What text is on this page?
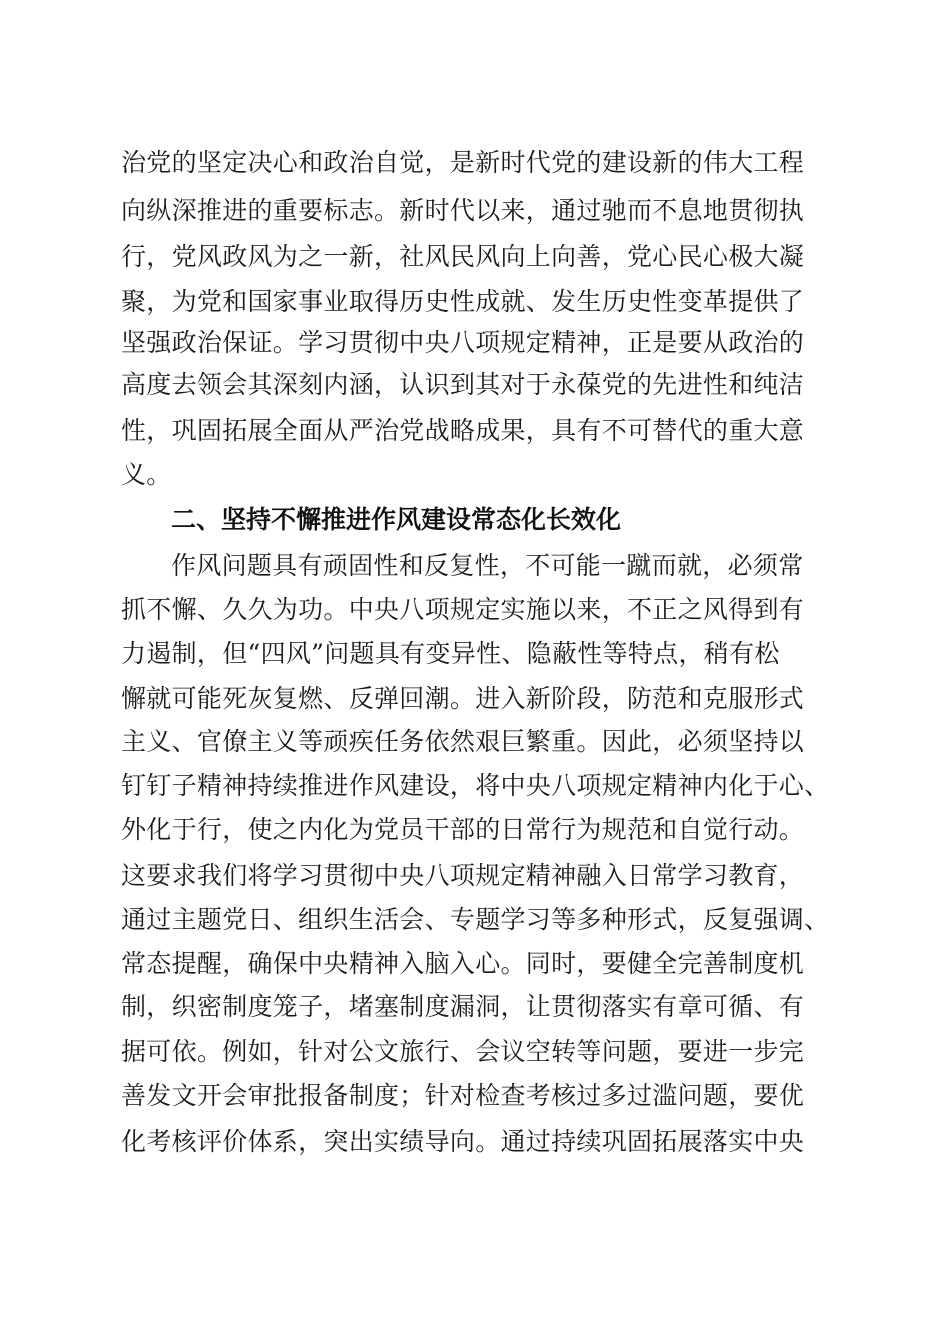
治党的坚定决心和政治自觉，是新时代党的建设新的伟大工程
向纵深推进的重要标志。新时代以来，通过驰而不息地贯彻执
行，党风政风为之一新，社风民风向上向善，党心民心极大凝
聚，为党和国家事业取得历史性成就、发生历史性变革提供了
坚强政治保证。学习贯彻中央八项规定精神，正是要从政治的
高度去领会其深刻内涵，认识到其对于永葆党的先进性和纯洁
性，巩固拓展全面从严治党战略成果，具有不可替代的重大意
义。
二、坚持不懈推进作风建设常态化长效化
作风问题具有顽固性和反复性，不可能一蹴而就，必须常
抓不懈、久久为功。中央八项规定实施以来，不正之风得到有
力遏制，但“四风”问题具有变异性、隐蔽性等特点，稍有松
懈就可能死灰复燃、反弹回潮。进入新阶段，防范和克服形式
主义、官僚主义等顽疾任务依然艰巨繁重。因此，必须坚持以
钉钉子精神持续推进作风建设，将中央八项规定精神内化于心、
外化于行，使之内化为党员干部的日常行为规范和自觉行动。
这要求我们将学习贯彻中央八项规定精神融入日常学习教育，
通过主题党日、组织生活会、专题学习等多种形式，反复强调、
常态提醒，确保中央精神入脑入心。同时，要健全完善制度机
制，织密制度笼子，堵塞制度漏洞，让贯彻落实有章可循、有
据可依。例如，针对公文旅行、会议空转等问题，要进一步完
善发文开会审批报备制度；针对检查考核过多过滥问题，要优
化考核评价体系，突出实绩导向。通过持续巩固拓展落实中央
